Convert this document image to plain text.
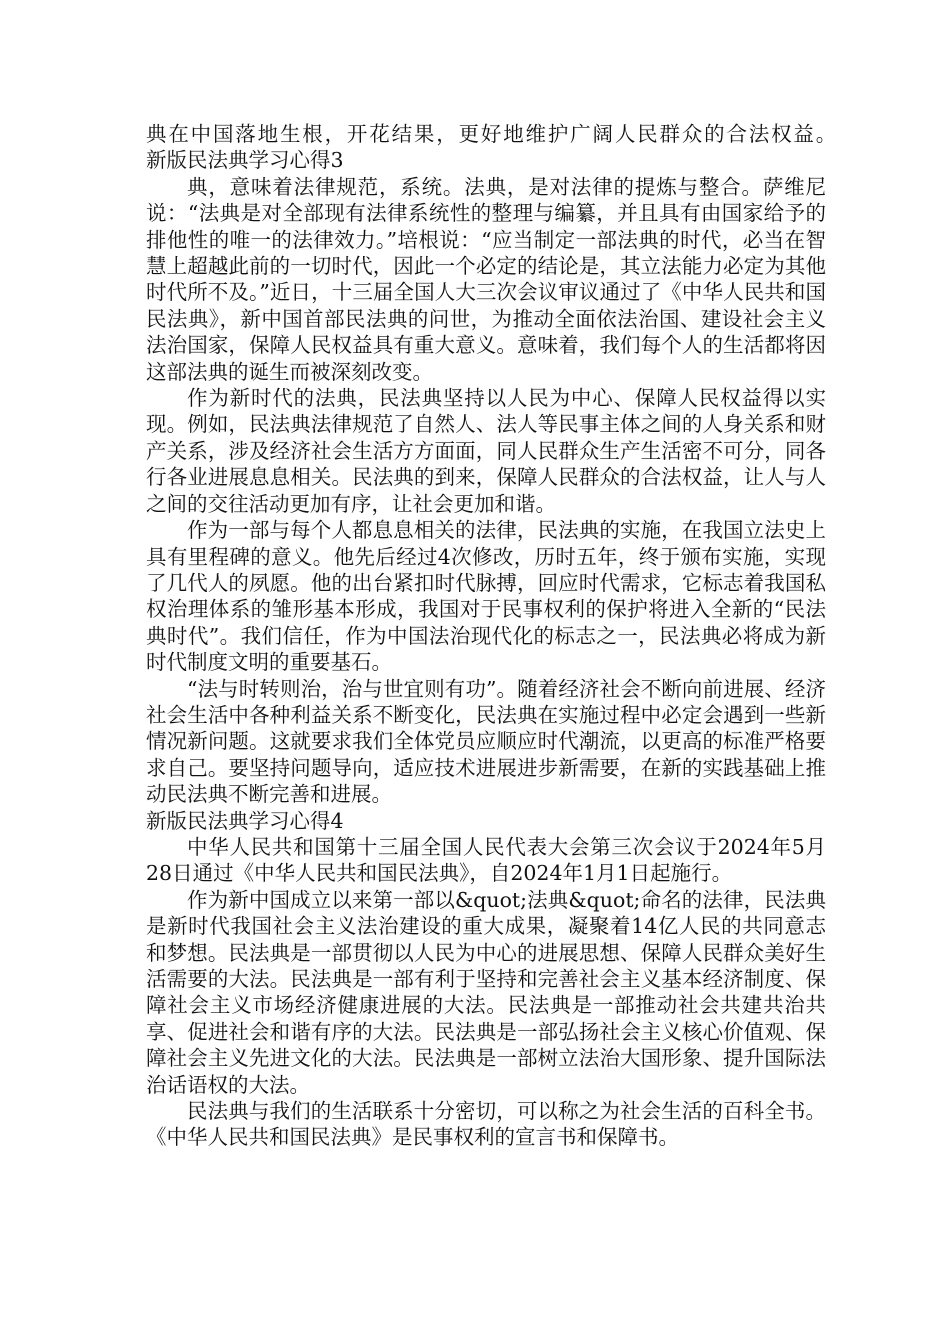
典在中国落地生根，开花结果，更好地维护广阔人民群众的合法权益。　　新版民法典学习心得3

典，意味着法律规范，系统。法典，是对法律的提炼与整合。萨维尼说：“法典是对全部现有法律系统性的整理与编纂，并且具有由国家给予的排他性的唯一的法律效力。”培根说：“应当制定一部法典的时代，必当在智慧上超越此前的一切时代，因此一个必定的结论是，其立法能力必定为其他时代所不及。”近日，十三届全国人大三次会议审议通过了《中华人民共和国民法典》，新中国首部民法典的问世，为推动全面依法治国、建设社会主义法治国家，保障人民权益具有重大意义。意味着，我们每个人的生活都将因这部法典的诞生而被深刻改变。

作为新时代的法典，民法典坚持以人民为中心、保障人民权益得以实现。例如，民法典法律规范了自然人、法人等民事主体之间的人身关系和财产关系，涉及经济社会生活方方面面，同人民群众生产生活密不可分，同各行各业进展息息相关。民法典的到来，保障人民群众的合法权益，让人与人之间的交往活动更加有序，让社会更加和谐。

作为一部与每个人都息息相关的法律，民法典的实施，在我国立法史上具有里程碑的意义。他先后经过4次修改，历时五年，终于颁布实施，实现了几代人的夙愿。他的出台紧扣时代脉搏，回应时代需求，它标志着我国私权治理体系的雏形基本形成，我国对于民事权利的保护将进入全新的“民法典时代”。我们信任，作为中国法治现代化的标志之一，民法典必将成为新时代制度文明的重要基石。

“法与时转则治，治与世宜则有功”。随着经济社会不断向前进展、经济社会生活中各种利益关系不断变化，民法典在实施过程中必定会遇到一些新情况新问题。这就要求我们全体党员应顺应时代潮流，以更高的标准严格要求自己。要坚持问题导向，适应技术进展进步新需要，在新的实践基础上推动民法典不断完善和进展。

新版民法典学习心得4

中华人民共和国第十三届全国人民代表大会第三次会议于2024年5月28日通过《中华人民共和国民法典》，自2024年1月1日起施行。

作为新中国成立以来第一部以&quot;法典&quot;命名的法律，民法典是新时代我国社会主义法治建设的重大成果，凝聚着14亿人民的共同意志和梦想。民法典是一部贯彻以人民为中心的进展思想、保障人民群众美好生活需要的大法。民法典是一部有利于坚持和完善社会主义基本经济制度、保障社会主义市场经济健康进展的大法。民法典是一部推动社会共建共治共享、促进社会和谐有序的大法。民法典是一部弘扬社会主义核心价值观、保障社会主义先进文化的大法。民法典是一部树立法治大国形象、提升国际法治话语权的大法。

民法典与我们的生活联系十分密切，可以称之为社会生活的百科全书。《中华人民共和国民法典》是民事权利的宣言书和保障书。
